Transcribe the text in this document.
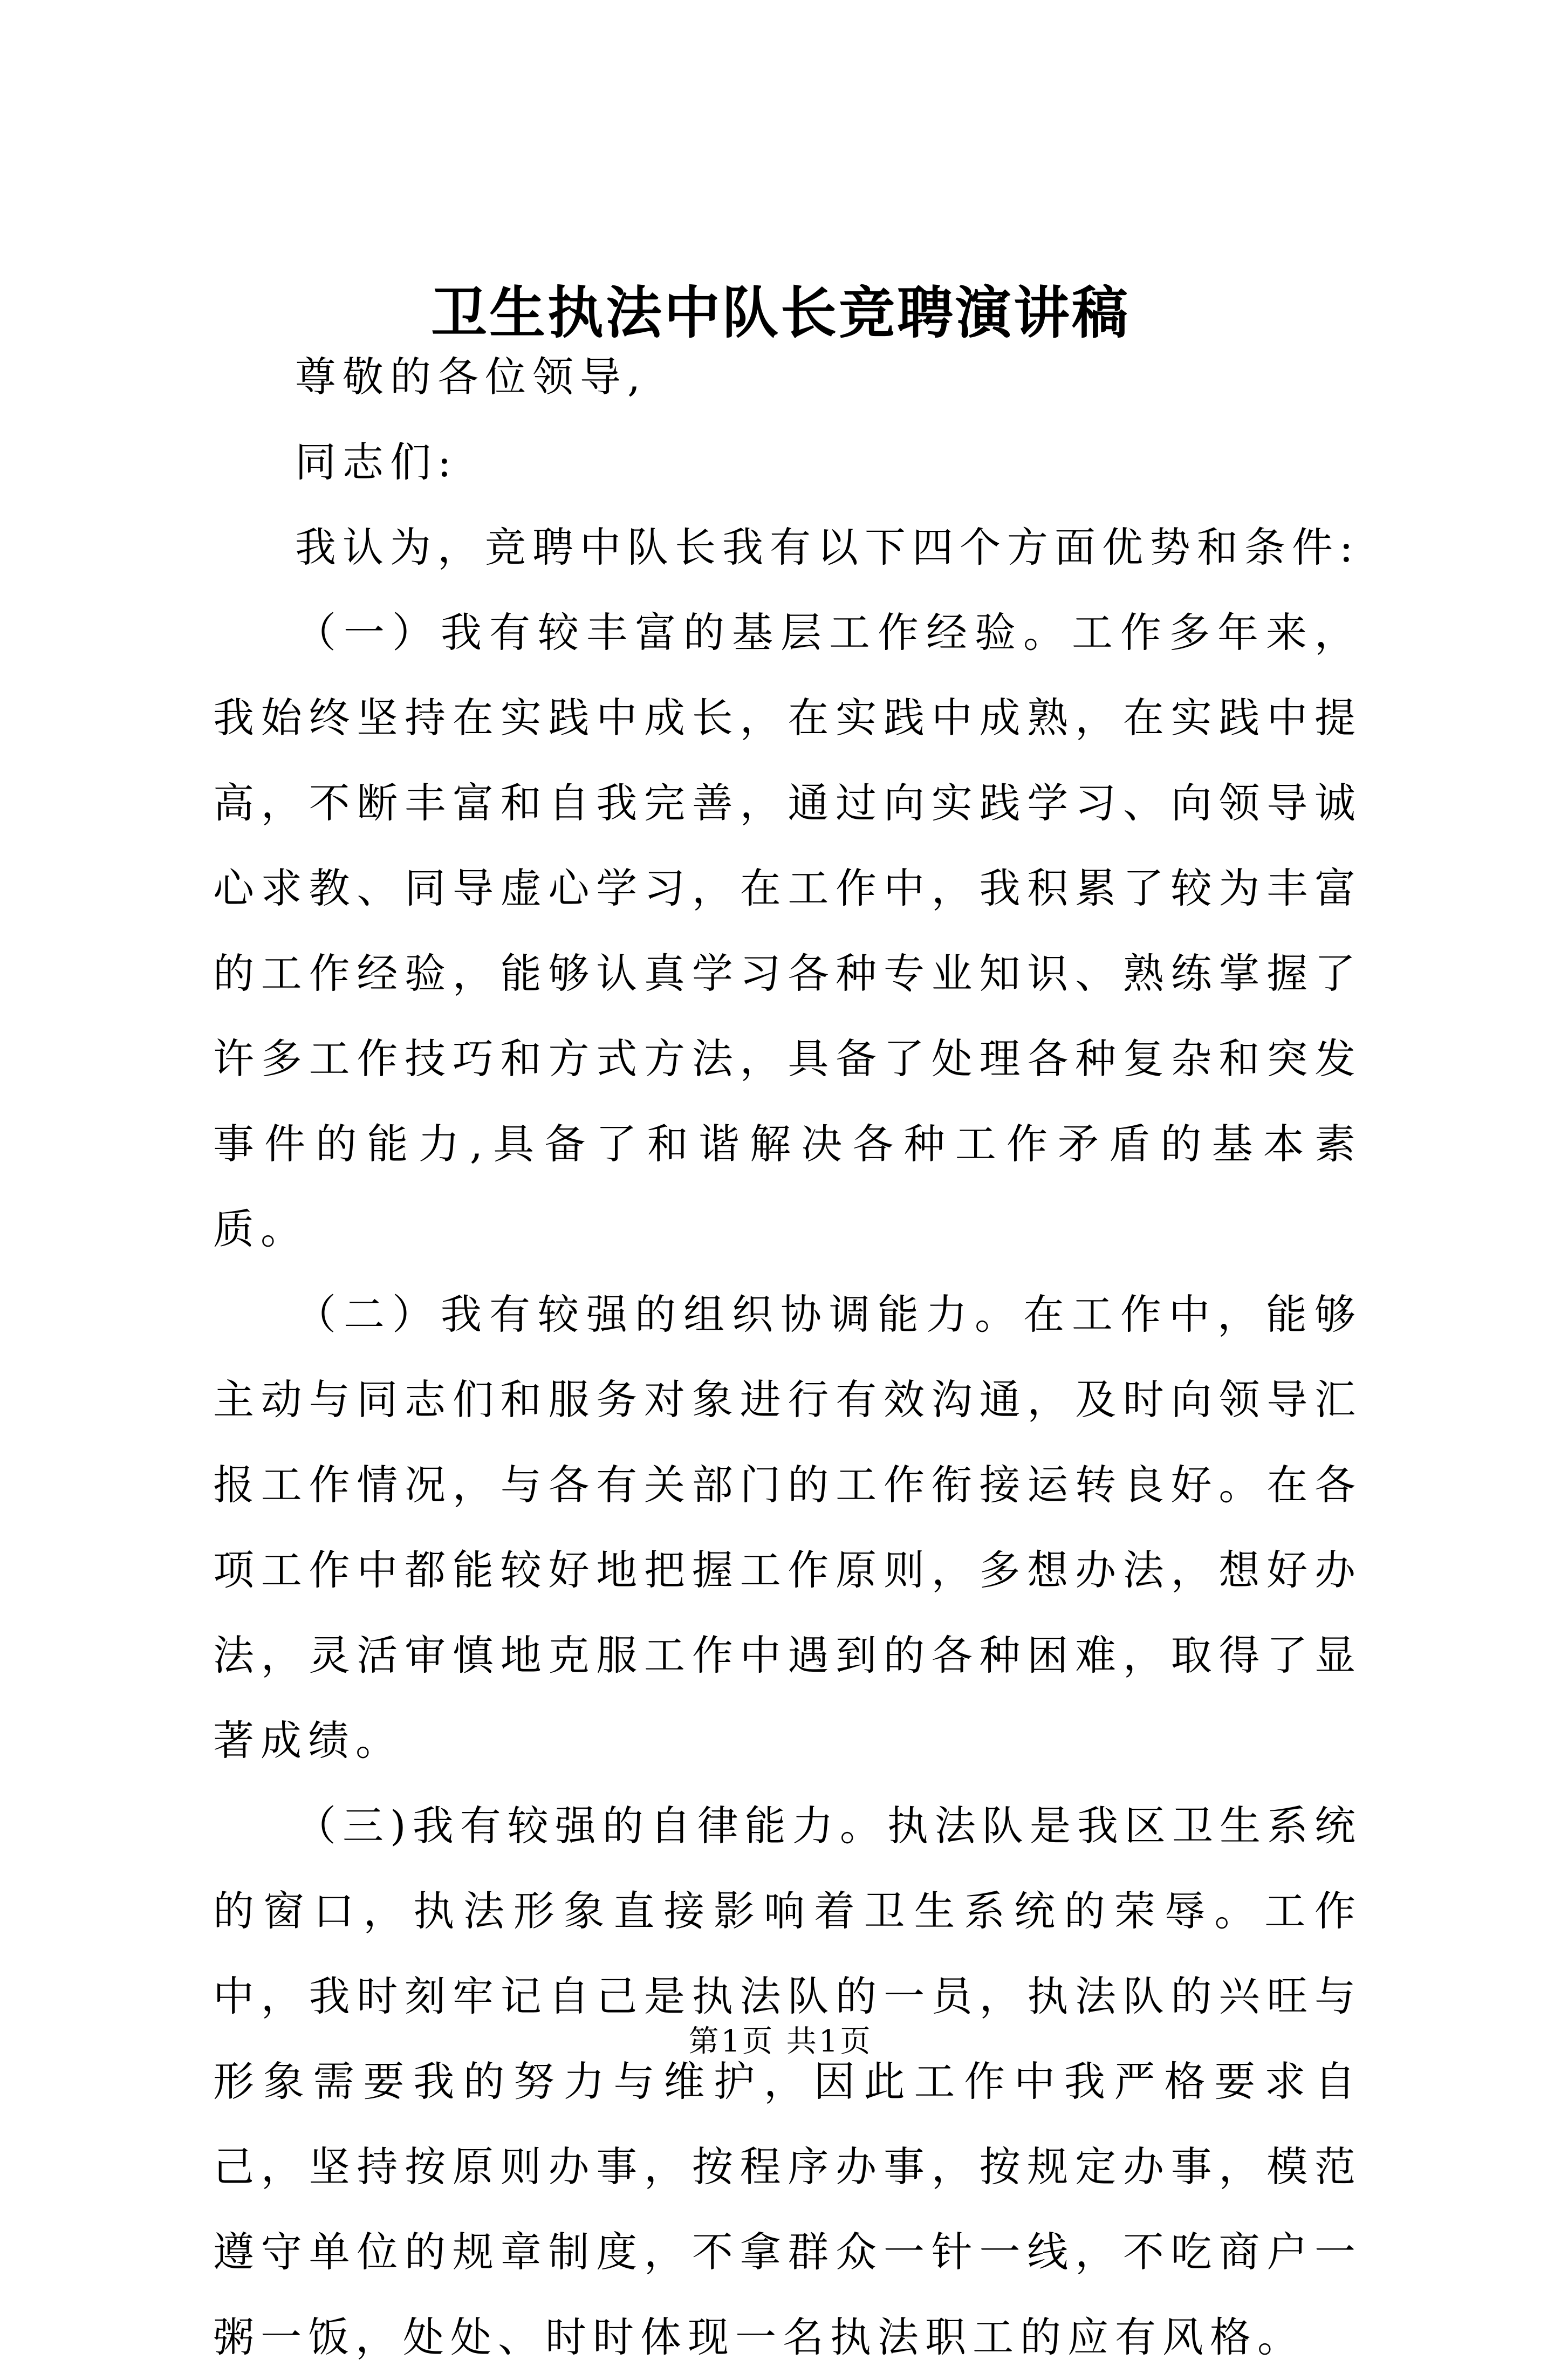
卫生执法中队长竞聘演讲稿

尊敬的各位领导,

同志们:

我认为，竞聘中队长我有以下四个方面优势和条件:

（一）我有较丰富的基层工作经验。工作多年来，我始终坚持在实践中成长，在实践中成熟，在实践中提高，不断丰富和自我完善，通过向实践学习、向领导诚心求教、同导虚心学习，在工作中，我积累了较为丰富的工作经验，能够认真学习各种专业知识、熟练掌握了许多工作技巧和方式方法，具备了处理各种复杂和突发事件的能力,具备了和谐解决各种工作矛盾的基本素质。

（二）我有较强的组织协调能力。在工作中，能够主动与同志们和服务对象进行有效沟通，及时向领导汇报工作情况，与各有关部门的工作衔接运转良好。在各项工作中都能较好地把握工作原则，多想办法，想好办法，灵活审慎地克服工作中遇到的各种困难，取得了显著成绩。

（三)我有较强的自律能力。执法队是我区卫生系统的窗口，执法形象直接影响着卫生系统的荣辱。工作中，我时刻牢记自己是执法队的一员，执法队的兴旺与形象需要我的努力与维护，因此工作中我严格要求自己，坚持按原则办事，按程序办事，按规定办事，模范遵守单位的规章制度，不拿群众一针一线，不吃商户一粥一饭，处处、时时体现一名执法职工的应有风格。

第1页 共1页
